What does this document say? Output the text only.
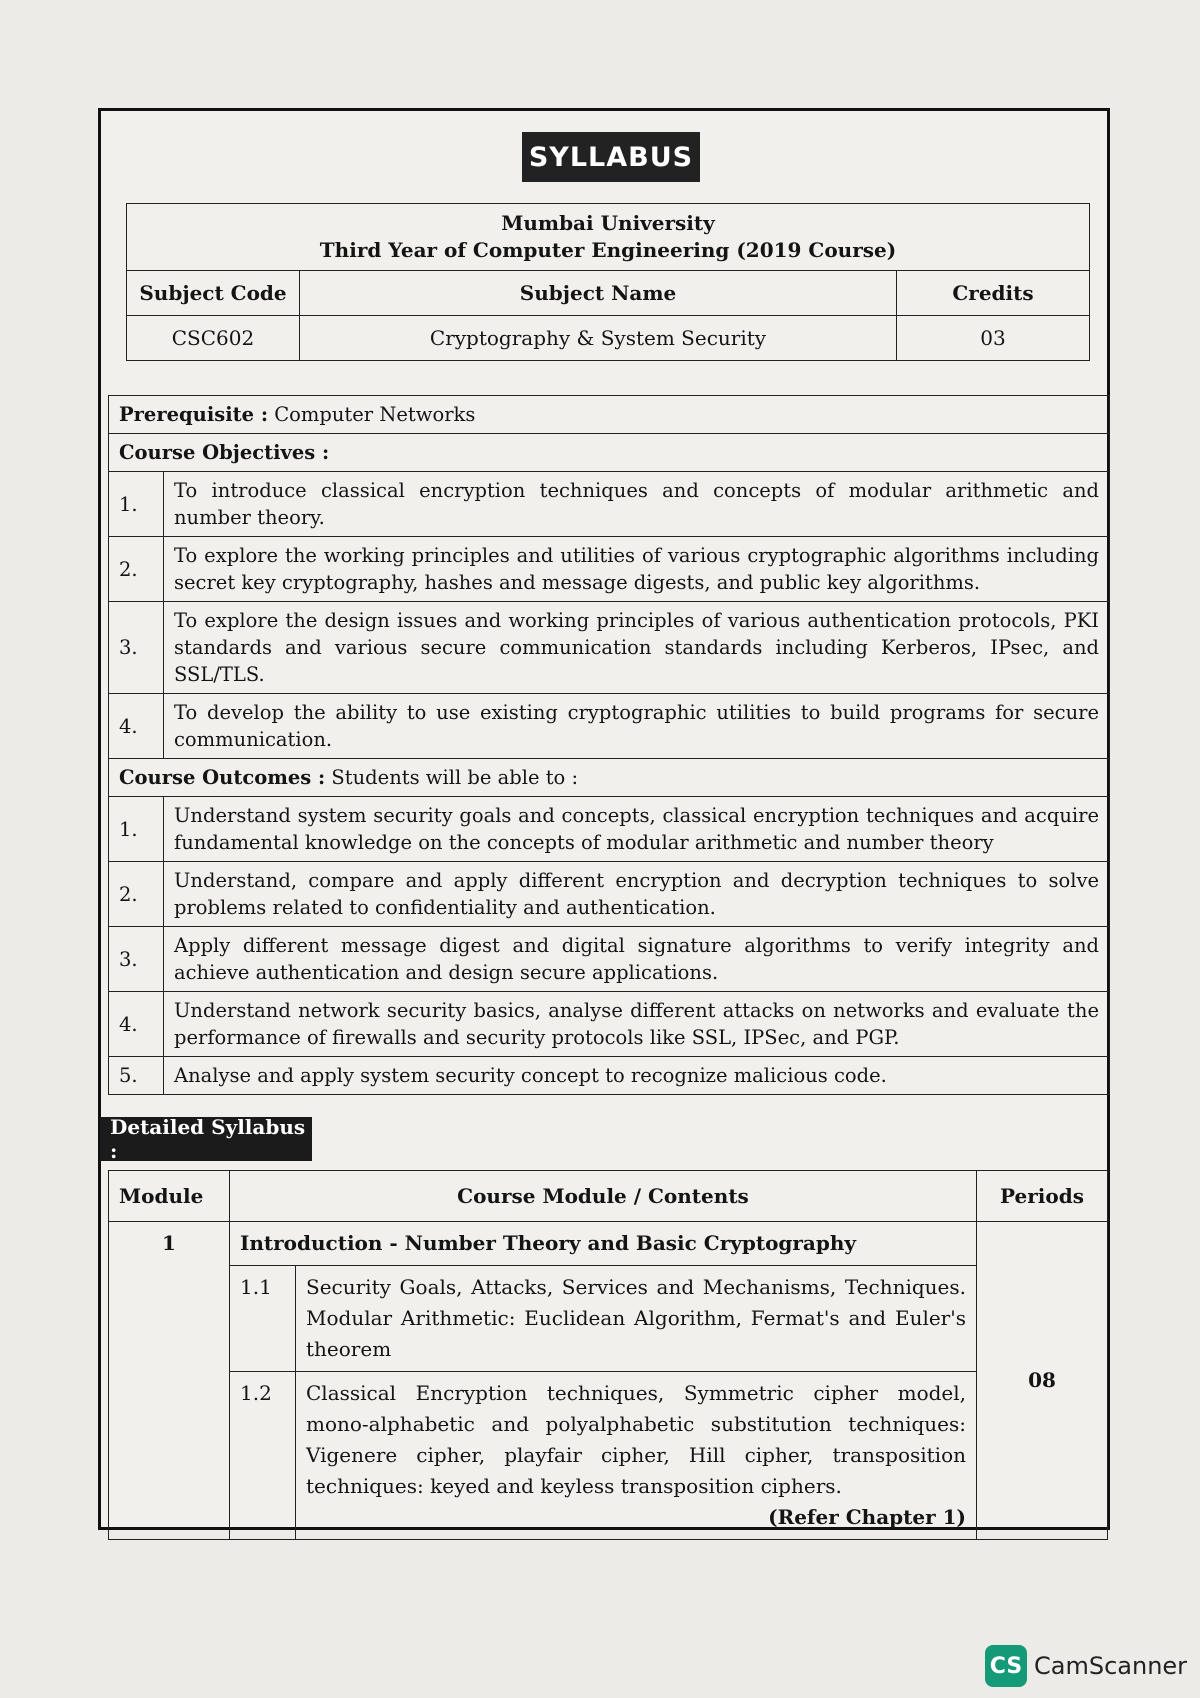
SYLLABUS
Mumbai University
Third Year of Computer Engineering (2019 Course)		

Subject Code	Subject Name	Credits
CSC602	Cryptography & System Security	03
Prerequisite : Computer Networks	
Course Objectives :	
1.	To introduce classical encryption techniques and concepts of modular arithmetic and number theory.
2.	To explore the working principles and utilities of various cryptographic algorithms including secret key cryptography, hashes and message digests, and public key algorithms.
3.	To explore the design issues and working principles of various authentication protocols, PKI standards and various secure communication standards including Kerberos, IPsec, and SSL/TLS.
4.	To develop the ability to use existing cryptographic utilities to build programs for secure communication.
Course Outcomes : Students will be able to :	
1.	Understand system security goals and concepts, classical encryption techniques and acquire fundamental knowledge on the concepts of modular arithmetic and number theory
2.	Understand, compare and apply different encryption and decryption techniques to solve problems related to confidentiality and authentication.
3.	Apply different message digest and digital signature algorithms to verify integrity and achieve authentication and design secure applications.
4.	Understand network security basics, analyse different attacks on networks and evaluate the performance of firewalls and security protocols like SSL, IPSec, and PGP.
5.	Analyse and apply system security concept to recognize malicious code.
Detailed Syllabus :
Module	Course Module / Contents		Periods
1	Introduction - Number Theory and Basic Cryptography		08
	1.1	Security Goals, Attacks, Services and Mechanisms, Techniques. Modular Arithmetic: Euclidean Algorithm, Fermat's and Euler's theorem	
	1.2	Classical Encryption techniques, Symmetric cipher model, mono-alphabetic and polyalphabetic substitution techniques: Vigenere cipher, playfair cipher, Hill cipher, transposition techniques: keyed and keyless transposition ciphers.
(Refer Chapter 1)	
CS CamScanner
